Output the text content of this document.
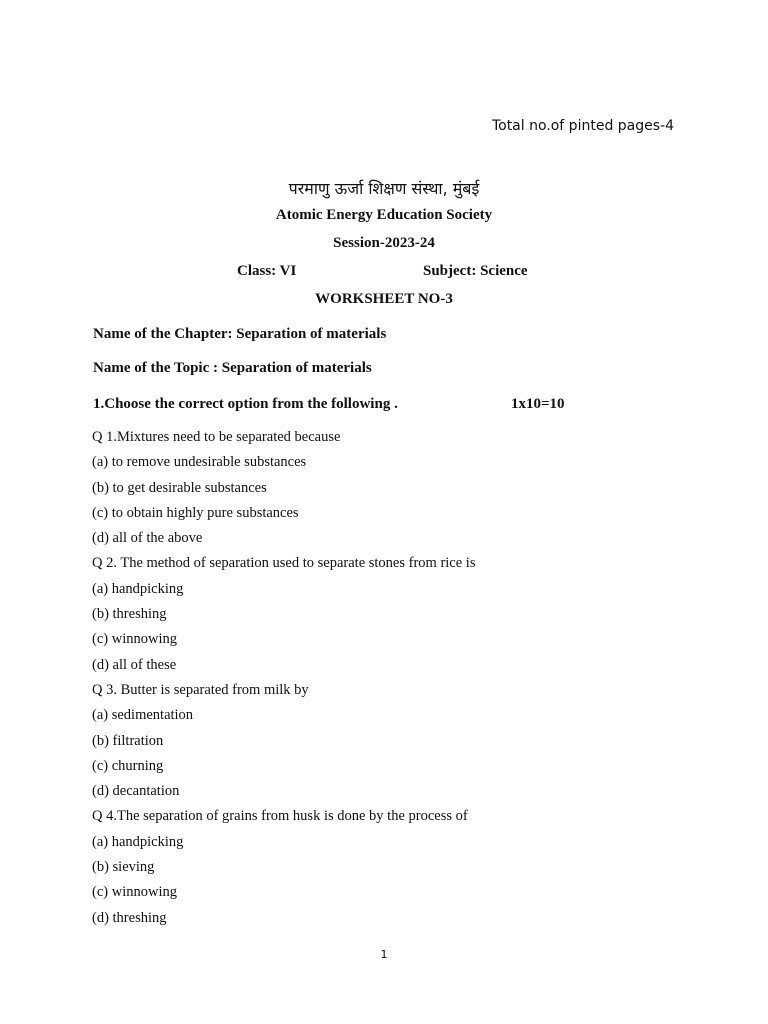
Total no.of pinted pages-4
परमाणु ऊर्जा शिक्षण संस्था, मुंबई
Atomic Energy Education Society
Session-2023-24
Class: VI	Subject: Science
WORKSHEET NO-3
Name of the Chapter: Separation of materials
Name of the Topic : Separation of materials
1.Choose the correct option from the following .	1x10=10
Q 1.Mixtures need to be separated because
(a) to remove undesirable substances
(b) to get desirable substances
(c) to obtain highly pure substances
(d) all of the above
Q 2. The method of separation used to separate stones from rice is
(a) handpicking
(b) threshing
(c) winnowing
(d) all of these
Q 3. Butter is separated from milk by
(a) sedimentation
(b) filtration
(c) churning
(d) decantation
Q 4.The separation of grains from husk is done by the process of
(a) handpicking
(b) sieving
(c) winnowing
(d) threshing
1
